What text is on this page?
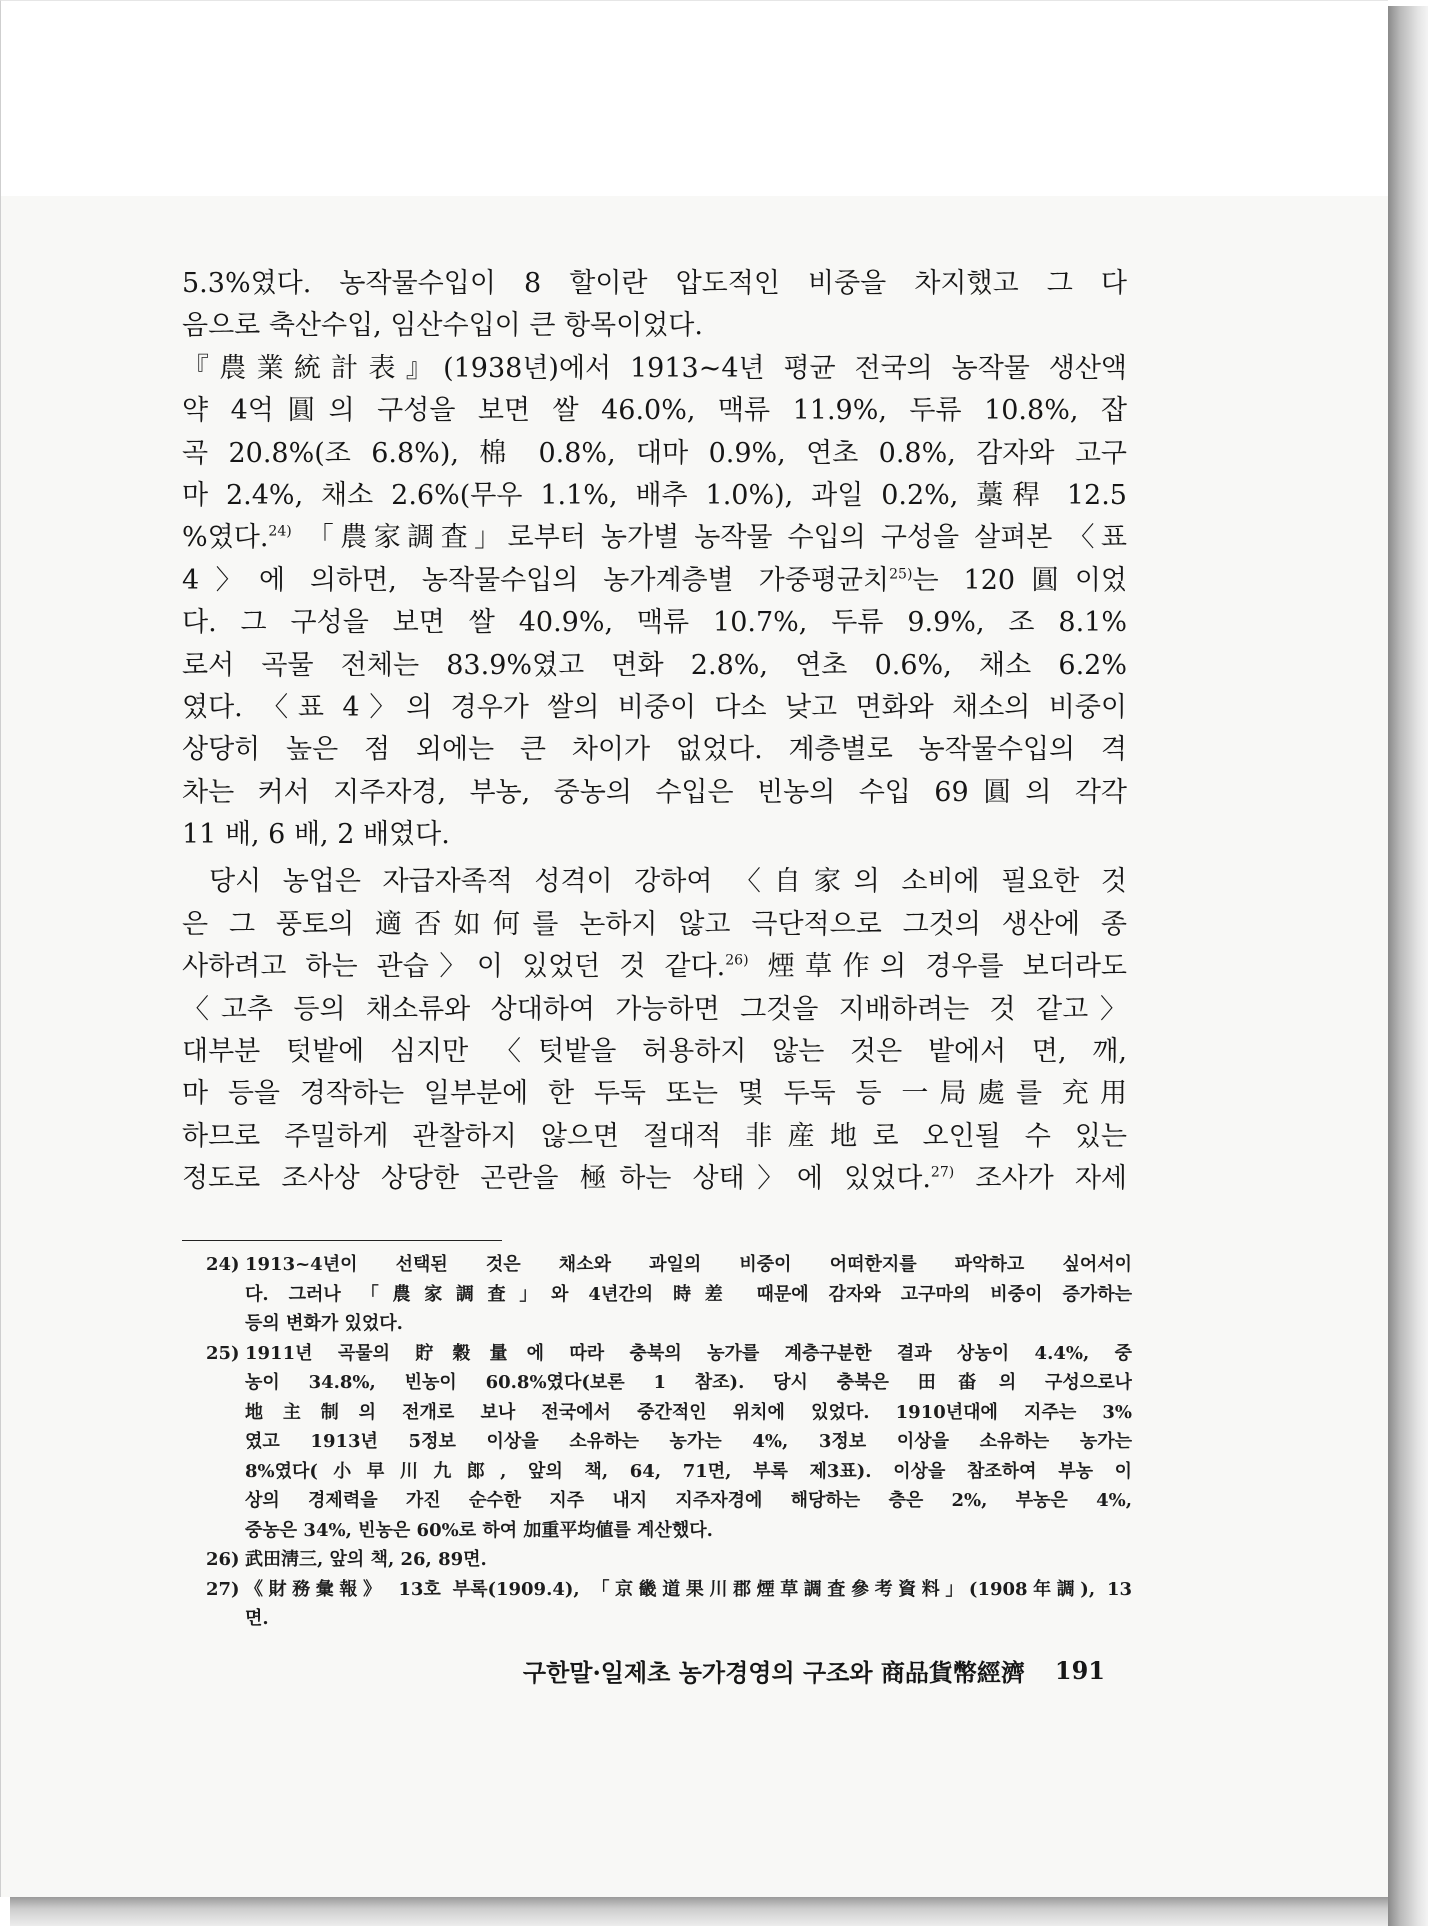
5.3%였다. 농작물수입이 8 할이란 압도적인 비중을 차지했고 그 다
음으로 축산수입, 임산수입이 큰 항목이었다.
『農業統計表』(1938년)에서 1913~4년 평균 전국의 농작물 생산액
약 4억圓의 구성을 보면 쌀 46.0%, 맥류 11.9%, 두류 10.8%, 잡
곡 20.8%(조 6.8%), 棉 0.8%, 대마 0.9%, 연초 0.8%, 감자와 고구
마 2.4%, 채소 2.6%(무우 1.1%, 배추 1.0%), 과일 0.2%, 藁稈 12.5
%였다.$^{24)}$ 「農家調査」로부터 농가별 농작물 수입의 구성을 살펴본 〈표
4〉에 의하면, 농작물수입의 농가계층별 가중평균치$^{25)}$는 120圓이었
다. 그 구성을 보면 쌀 40.9%, 맥류 10.7%, 두류 9.9%, 조 8.1%
로서 곡물 전체는 83.9%였고 면화 2.8%, 연초 0.6%, 채소 6.2%
였다. 〈표 4〉의 경우가 쌀의 비중이 다소 낮고 면화와 채소의 비중이
상당히 높은 점 외에는 큰 차이가 없었다. 계층별로 농작물수입의 격
차는 커서 지주자경, 부농, 중농의 수입은 빈농의 수입 69圓의 각각
11 배, 6 배, 2 배였다.
당시 농업은 자급자족적 성격이 강하여 〈自家의 소비에 필요한 것
은 그 풍토의 適否如何를 논하지 않고 극단적으로 그것의 생산에 종
사하려고 하는 관습〉이 있었던 것 같다.$^{26)}$ 煙草作의 경우를 보더라도
〈고추 등의 채소류와 상대하여 가능하면 그것을 지배하려는 것 같고〉
대부분 텃밭에 심지만 〈텃밭을 허용하지 않는 것은 밭에서 면, 깨,
마 등을 경작하는 일부분에 한 두둑 또는 몇 두둑 등 一局處를 充用
하므로 주밀하게 관찰하지 않으면 절대적 非産地로 오인될 수 있는
정도로 조사상 상당한 곤란을 極하는 상태〉에 있었다.$^{27)}$ 조사가 자세
24) 1913~4년이 선택된 것은 채소와 과일의 비중이 어떠한지를 파악하고 싶어서이
다. 그러나 「農家調査」와 4년간의 時差 때문에 감자와 고구마의 비중이 증가하는
등의 변화가 있었다.
25) 1911년 곡물의 貯穀量에 따라 충북의 농가를 계층구분한 결과 상농이 4.4%, 중
농이 34.8%, 빈농이 60.8%였다(보론 1 참조). 당시 충북은 田畓의 구성으로나
地主制의 전개로 보나 전국에서 중간적인 위치에 있었다. 1910년대에 지주는 3%
였고 1913년 5정보 이상을 소유하는 농가는 4%, 3정보 이상을 소유하는 농가는
8%였다(小早川九郎, 앞의 책, 64, 71면, 부록 제3표). 이상을 참조하여 부농 이
상의 경제력을 가진 순수한 지주 내지 지주자경에 해당하는 층은 2%, 부농은 4%,
중농은 34%, 빈농은 60%로 하여 加重平均値를 계산했다.
26) 武田淸三, 앞의 책, 26, 89면.
27) 《財務彙報》 13호 부록(1909.4), 「京畿道果川郡煙草調査參考資料」(1908年調), 13
면.
구한말·일제초 농가경영의 구조와 商品貨幣經濟 191
